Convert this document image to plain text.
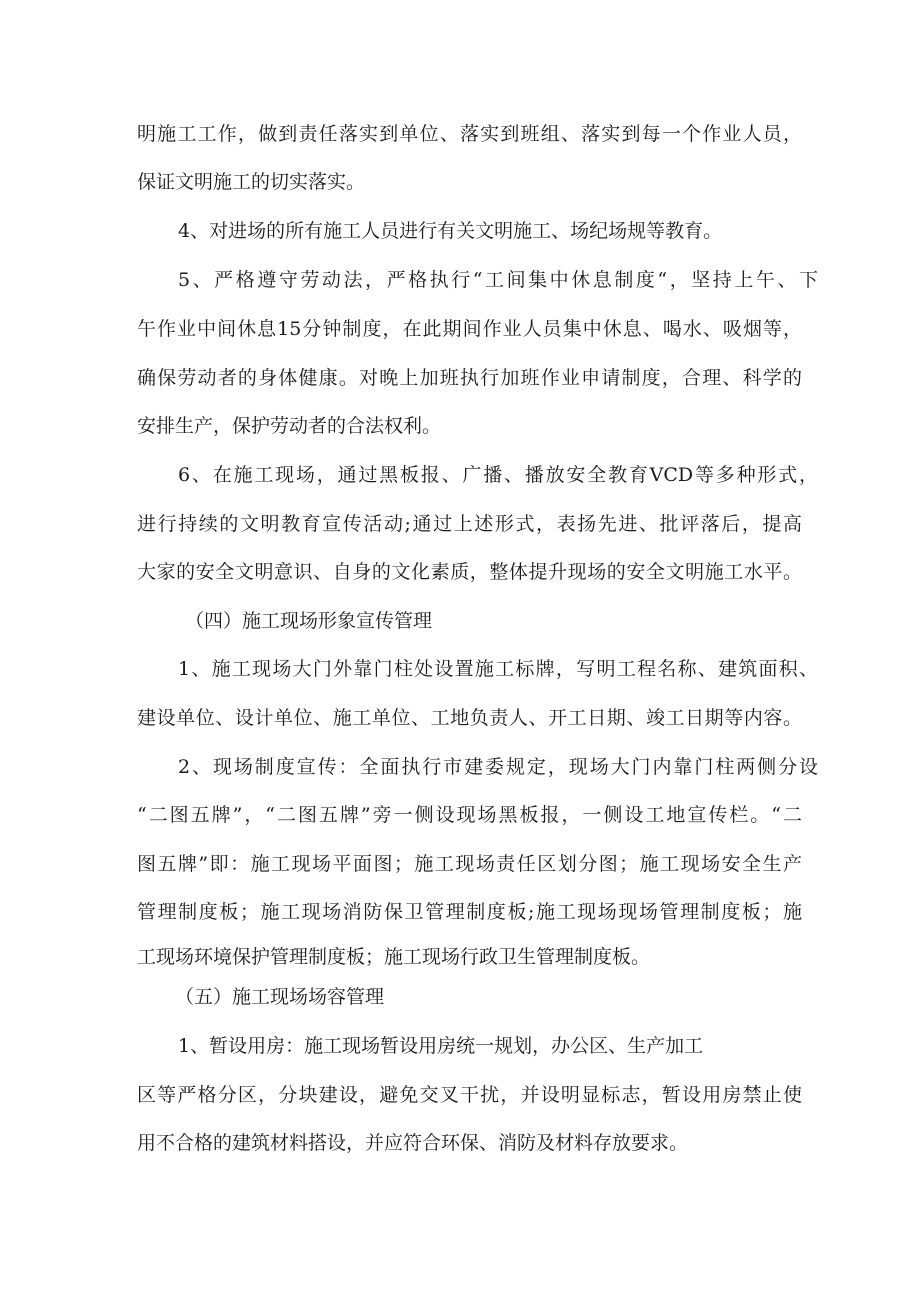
明施工工作，做到责任落实到单位、落实到班组、落实到每一个作业人员，
保证文明施工的切实落实。
4、对进场的所有施工人员进行有关文明施工、场纪场规等教育。
5、严格遵守劳动法，严格执行“工间集中休息制度“，坚持上午、下
午作业中间休息15分钟制度，在此期间作业人员集中休息、喝水、吸烟等，
确保劳动者的身体健康。对晚上加班执行加班作业申请制度，合理、科学的
安排生产，保护劳动者的合法权利。
6、在施工现场，通过黑板报、广播、播放安全教育VCD等多种形式，
进行持续的文明教育宣传活动;通过上述形式，表扬先进、批评落后，提高
大家的安全文明意识、自身的文化素质，整体提升现场的安全文明施工水平。
（四）施工现场形象宣传管理
1、施工现场大门外靠门柱处设置施工标牌，写明工程名称、建筑面积、
建设单位、设计单位、施工单位、工地负责人、开工日期、竣工日期等内容。
2、现场制度宣传：全面执行市建委规定，现场大门内靠门柱两侧分设
“二图五牌”，“二图五牌”旁一侧设现场黑板报，一侧设工地宣传栏。“二
图五牌”即：施工现场平面图；施工现场责任区划分图；施工现场安全生产
管理制度板；施工现场消防保卫管理制度板;施工现场现场管理制度板；施
工现场环境保护管理制度板；施工现场行政卫生管理制度板。
（五）施工现场场容管理
1、暂设用房：施工现场暂设用房统一规划，办公区、生产加工
区等严格分区，分块建设，避免交叉干扰，并设明显标志，暂设用房禁止使
用不合格的建筑材料搭设，并应符合环保、消防及材料存放要求。
